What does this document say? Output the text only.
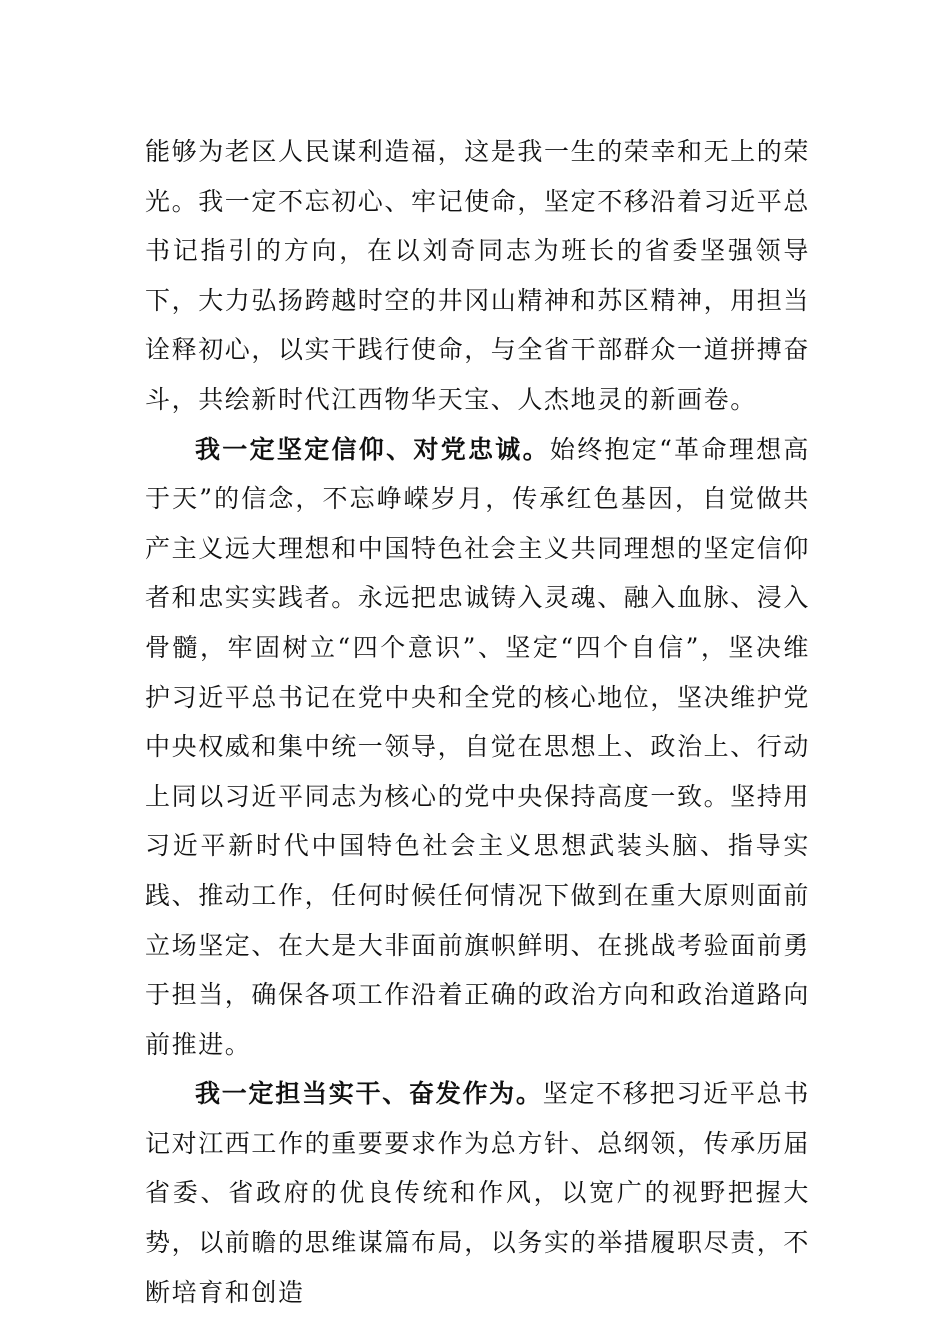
能够为老区人民谋利造福，这是我一生的荣幸和无上的荣光。我一定不忘初心、牢记使命，坚定不移沿着习近平总书记指引的方向，在以刘奇同志为班长的省委坚强领导下，大力弘扬跨越时空的井冈山精神和苏区精神，用担当诠释初心，以实干践行使命，与全省干部群众一道拼搏奋斗，共绘新时代江西物华天宝、人杰地灵的新画卷。

我一定坚定信仰、对党忠诚。始终抱定“革命理想高于天”的信念，不忘峥嵘岁月，传承红色基因，自觉做共产主义远大理想和中国特色社会主义共同理想的坚定信仰者和忠实实践者。永远把忠诚铸入灵魂、融入血脉、浸入骨髓，牢固树立“四个意识”、坚定“四个自信”，坚决维护习近平总书记在党中央和全党的核心地位，坚决维护党中央权威和集中统一领导，自觉在思想上、政治上、行动上同以习近平同志为核心的党中央保持高度一致。坚持用习近平新时代中国特色社会主义思想武装头脑、指导实践、推动工作，任何时候任何情况下做到在重大原则面前立场坚定、在大是大非面前旗帜鲜明、在挑战考验面前勇于担当，确保各项工作沿着正确的政治方向和政治道路向前推进。

我一定担当实干、奋发作为。坚定不移把习近平总书记对江西工作的重要要求作为总方针、总纲领，传承历届省委、省政府的优良传统和作风，以宽广的视野把握大势，以前瞻的思维谋篇布局，以务实的举措履职尽责，不断培育和创造
